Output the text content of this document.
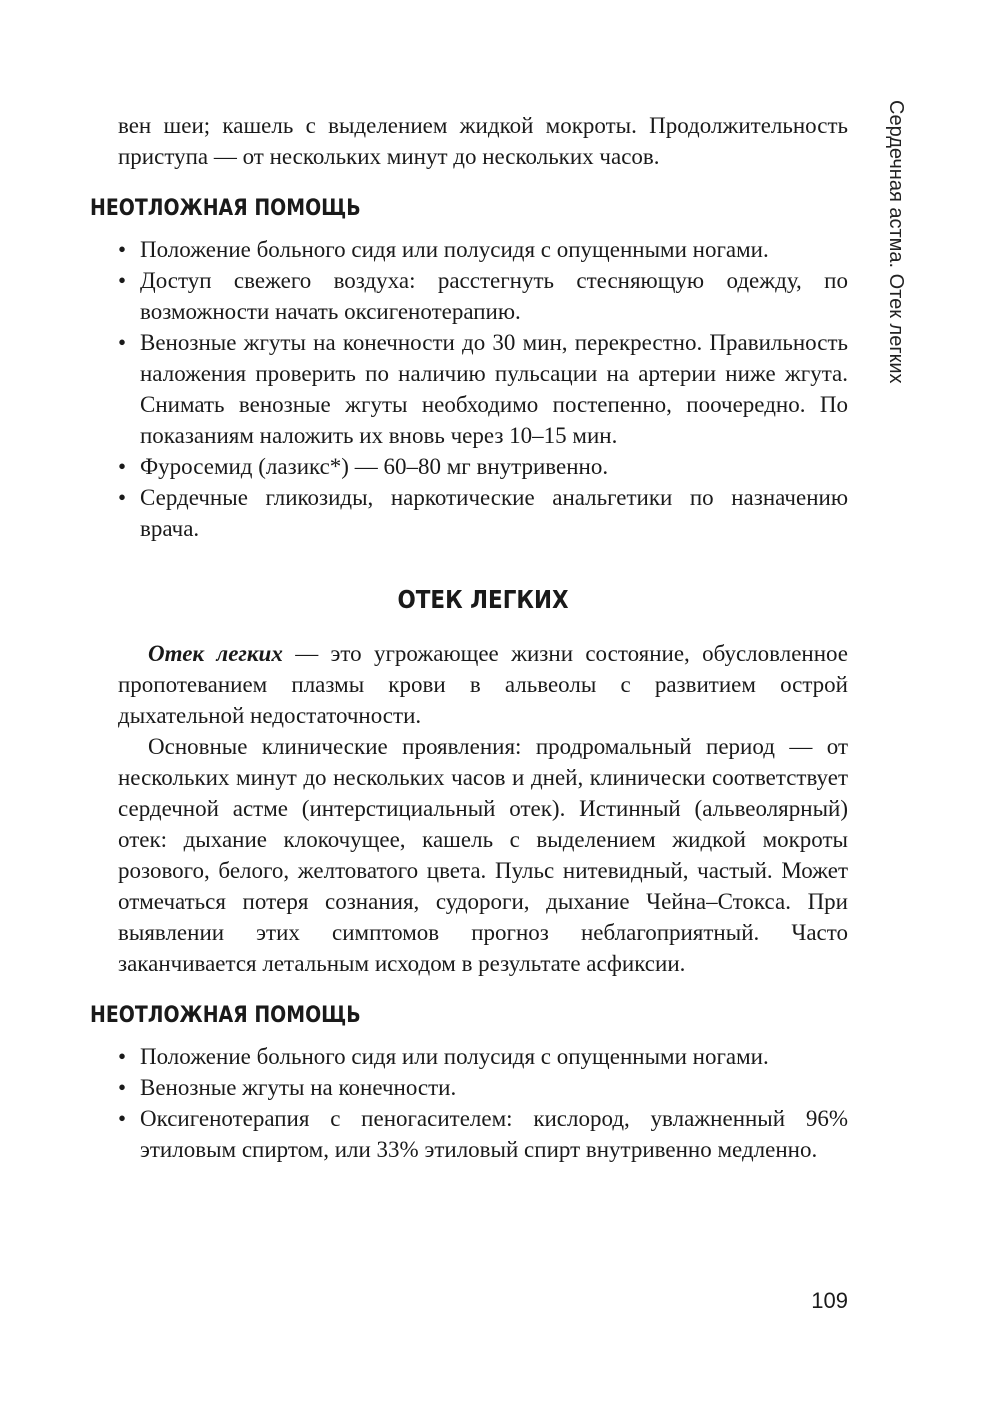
вен шеи; кашель с выделением жидкой мокроты. Продолжительность приступа — от нескольких минут до нескольких часов.

НЕОТЛОЖНАЯ ПОМОЩЬ
• Положение больного сидя или полусидя с опущенными ногами.
• Доступ свежего воздуха: расстегнуть стесняющую одежду, по возможности начать оксигенотерапию.
• Венозные жгуты на конечности до 30 мин, перекрестно. Правильность наложения проверить по наличию пульсации на артерии ниже жгута. Снимать венозные жгуты необходимо постепенно, поочередно. По показаниям наложить их вновь через 10–15 мин.
• Фуросемид (лазикс*) — 60–80 мг внутривенно.
• Сердечные гликозиды, наркотические анальгетики по назначению врача.
ОТЕК ЛЕГКИХ

Отек легких — это угрожающее жизни состояние, обусловленное пропотеванием плазмы крови в альвеолы с развитием острой дыхательной недостаточности.

Основные клинические проявления: продромальный период — от нескольких минут до нескольких часов и дней, клинически соответствует сердечной астме (интерстициальный отек). Истинный (альвеолярный) отек: дыхание клокочущее, кашель с выделением жидкой мокроты розового, белого, желтоватого цвета. Пульс нитевидный, частый. Может отмечаться потеря сознания, судороги, дыхание Чейна–Стокса. При выявлении этих симптомов прогноз неблагоприятный. Часто заканчивается летальным исходом в результате асфиксии.

НЕОТЛОЖНАЯ ПОМОЩЬ
• Положение больного сидя или полусидя с опущенными ногами.
• Венозные жгуты на конечности.
• Оксигенотерапия с пеногасителем: кислород, увлажненный 96% этиловым спиртом, или 33% этиловый спирт внутривенно медленно.
Сердечная астма. Отек легких
109
